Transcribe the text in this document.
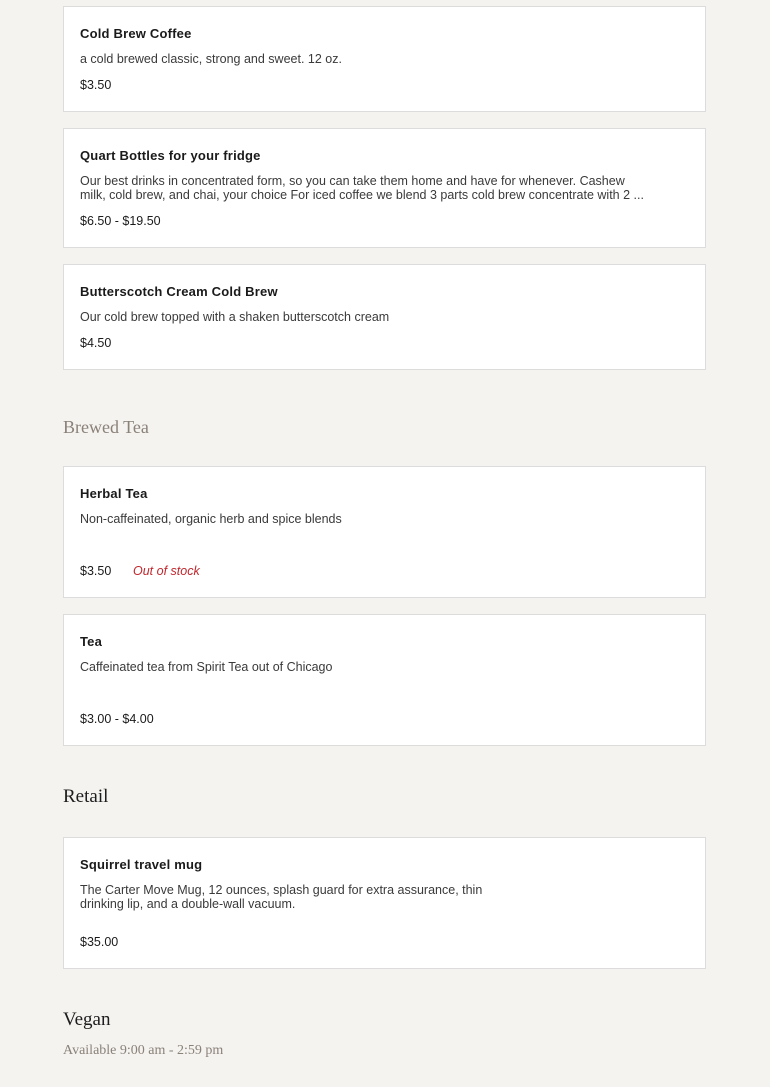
Cold Brew Coffee
a cold brewed classic, strong and sweet. 12 oz.
$3.50
Quart Bottles for your fridge
Our best drinks in concentrated form, so you can take them home and have for whenever. Cashew
milk, cold brew, and chai, your choice For iced coffee we blend 3 parts cold brew concentrate with 2 ...
$6.50 - $19.50
Butterscotch Cream Cold Brew
Our cold brew topped with a shaken butterscotch cream
$4.50
Brewed Tea
Herbal Tea
Non-caffeinated, organic herb and spice blends
$3.50 Out of stock
Tea
Caffeinated tea from Spirit Tea out of Chicago
$3.00 - $4.00
Retail
Squirrel travel mug
The Carter Move Mug, 12 ounces, splash guard for extra assurance, thin
drinking lip, and a double-wall vacuum.
$35.00
Vegan
Available 9:00 am - 2:59 pm
